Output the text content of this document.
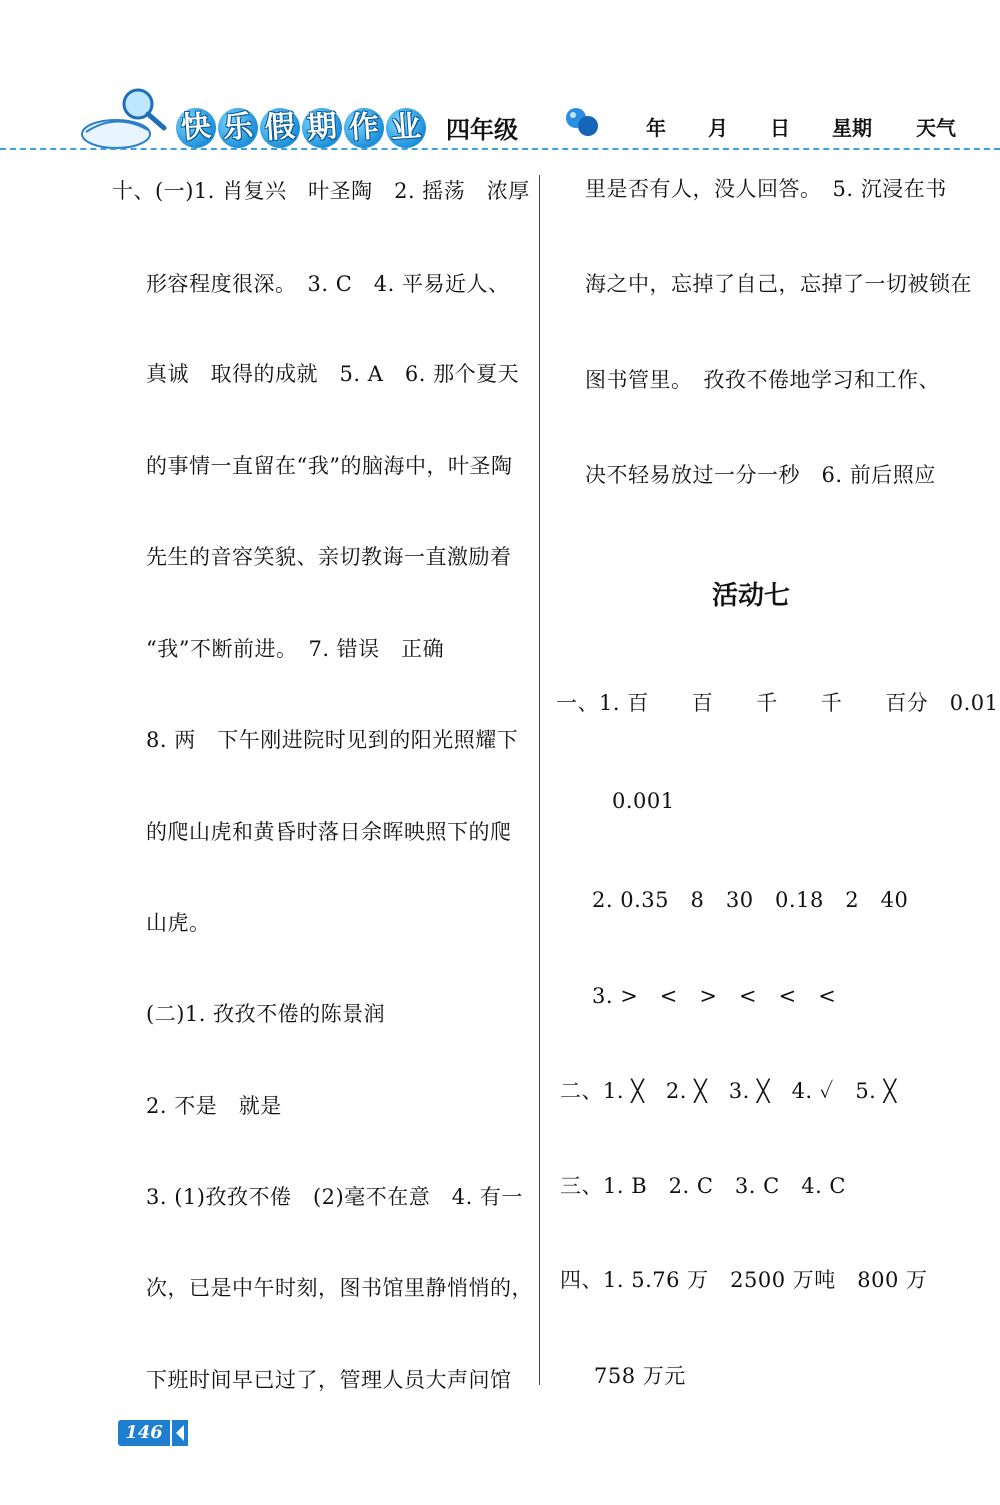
快 乐 假 期 作 业 四年级	年 月 日 星期 天气
十、(一)1. 肖复兴　叶圣陶　2. 摇荡　浓厚
形容程度很深。　3. C　4. 平易近人、
真诚　取得的成就　5. A　6. 那个夏天
的事情一直留在“我”的脑海中，叶圣陶
先生的音容笑貌、亲切教诲一直激励着
“我”不断前进。　7. 错误　正确
8. 两　下午刚进院时见到的阳光照耀下
的爬山虎和黄昏时落日余晖映照下的爬
山虎。
(二)1. 孜孜不倦的陈景润
2. 不是　就是
3. (1)孜孜不倦　(2)毫不在意　4. 有一
次，已是中午时刻，图书馆里静悄悄的，
下班时间早已过了，管理人员大声问馆
里是否有人，没人回答。　5. 沉浸在书
海之中，忘掉了自己，忘掉了一切被锁在
图书管里。　孜孜不倦地学习和工作、
决不轻易放过一分一秒　6. 前后照应
活动七
一、1. 百　　百　　千　　千　　百分　0.01
0.001
2. 0.35　8　30　0.18　2　40
3. >　<　>　<　<　<
二、1. ╳　2. ╳　3. ╳　4. ✓　5. ╳
三、1. B　2. C　3. C　4. C
四、1. 5.76 万　2500 万吨　800 万
758 万元
146
